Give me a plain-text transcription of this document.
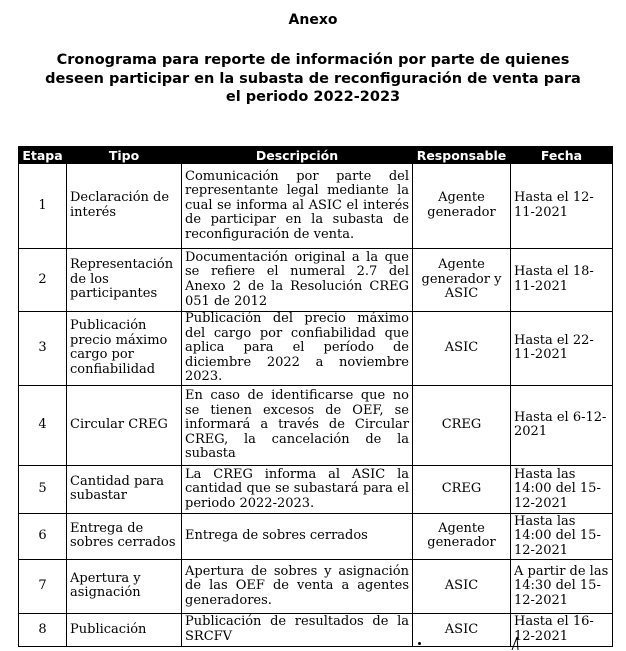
Anexo
Cronograma para reporte de información por parte de quienes deseen participar en la subasta de reconfiguración de venta para el periodo 2022-2023
Etapa	Tipo	Descripción	Responsable	Fecha
1	Declaración de interés	Comunicación por parte del representante legal mediante la cual se informa al ASIC el interés de participar en la subasta de reconfiguración de venta.	Agente generador	Hasta el 12-11-2021
2	Representación de los participantes	Documentación original a la que se refiere el numeral 2.7 del Anexo 2 de la Resolución CREG 051 de 2012	Agente generador y ASIC	Hasta el 18-11-2021
3	Publicación precio máximo cargo por confiabilidad	Publicación del precio máximo del cargo por confiabilidad que aplica para el período de diciembre 2022 a noviembre 2023.	ASIC	Hasta el 22-11-2021
4	Circular CREG	En caso de identificarse que no se tienen excesos de OEF, se informará a través de Circular CREG, la cancelación de la subasta	CREG	Hasta el 6-12-2021
5	Cantidad para subastar	La CREG informa al ASIC la cantidad que se subastará para el periodo 2022-2023.	CREG	Hasta las 14:00 del 15-12-2021
6	Entrega de sobres cerrados	Entrega de sobres cerrados	Agente generador	Hasta las 14:00 del 15-12-2021
7	Apertura y asignación	Apertura de sobres y asignación de las OEF de venta a agentes generadores.	ASIC	A partir de las 14:30 del 15-12-2021
8	Publicación	Publicación de resultados de la SRCFV	ASIC	Hasta el 16-12-2021
